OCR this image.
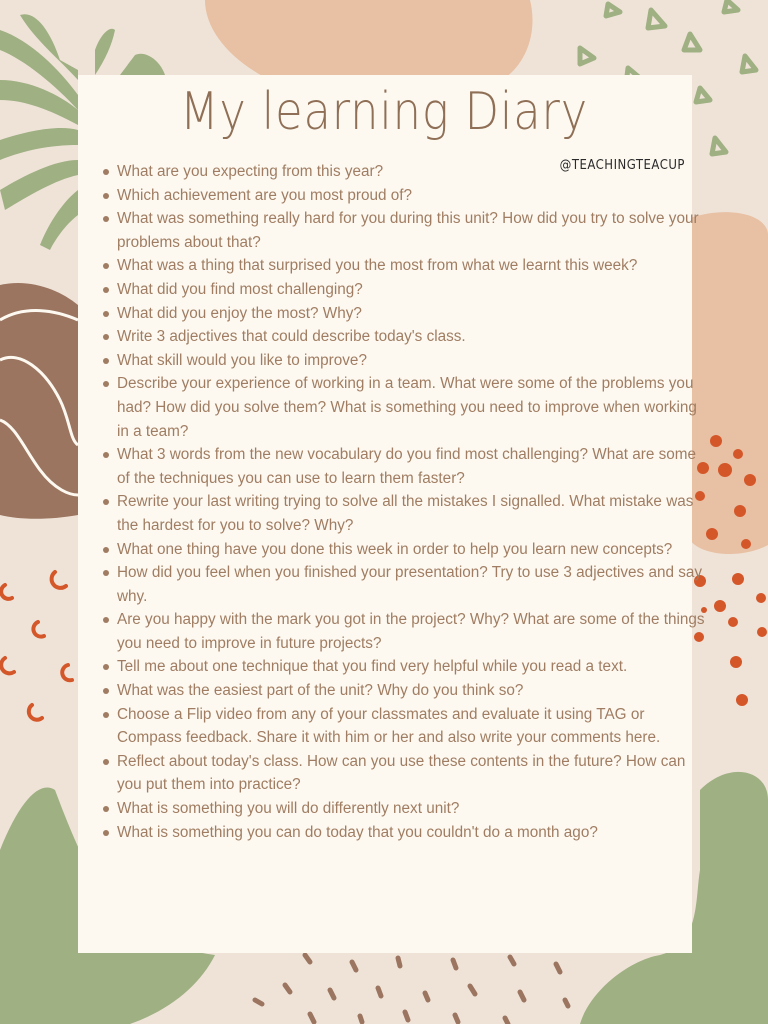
My learning Diary
@TEACHINGTEACUP
What are you expecting from this year?
Which achievement are you most proud of?
What was something really hard for you during this unit? How did you try to solve your problems about that?
What was a thing that surprised you the most from what we learnt this week?
What did you find most challenging?
What did you enjoy the most? Why?
Write 3 adjectives that could describe today's class.
What skill would you like to improve?
Describe your experience of working in a team. What were some of the problems you had? How did you solve them? What is something you need to improve when working in a team?
What 3 words from the new vocabulary do you find most challenging? What are some of the techniques you can use to learn them faster?
Rewrite your last writing trying to solve all the mistakes I signalled. What mistake was the hardest for you to solve? Why?
What one thing have you done this week in order to help you learn new concepts?
How did you feel when you finished your presentation? Try to use 3 adjectives and say why.
Are you happy with the mark you got in the project? Why? What are some of the things you need to improve in future projects?
Tell me about one technique that you find very helpful while you read a text.
What was the easiest part of the unit? Why do you think so?
Choose a Flip video from any of your classmates and evaluate it using TAG or Compass feedback. Share it with him or her and also write your comments here.
Reflect about today's class. How can you use these contents in the future? How can you put them into practice?
What is something you will do differently next unit?
What is something you can do today that you couldn't do a month ago?
